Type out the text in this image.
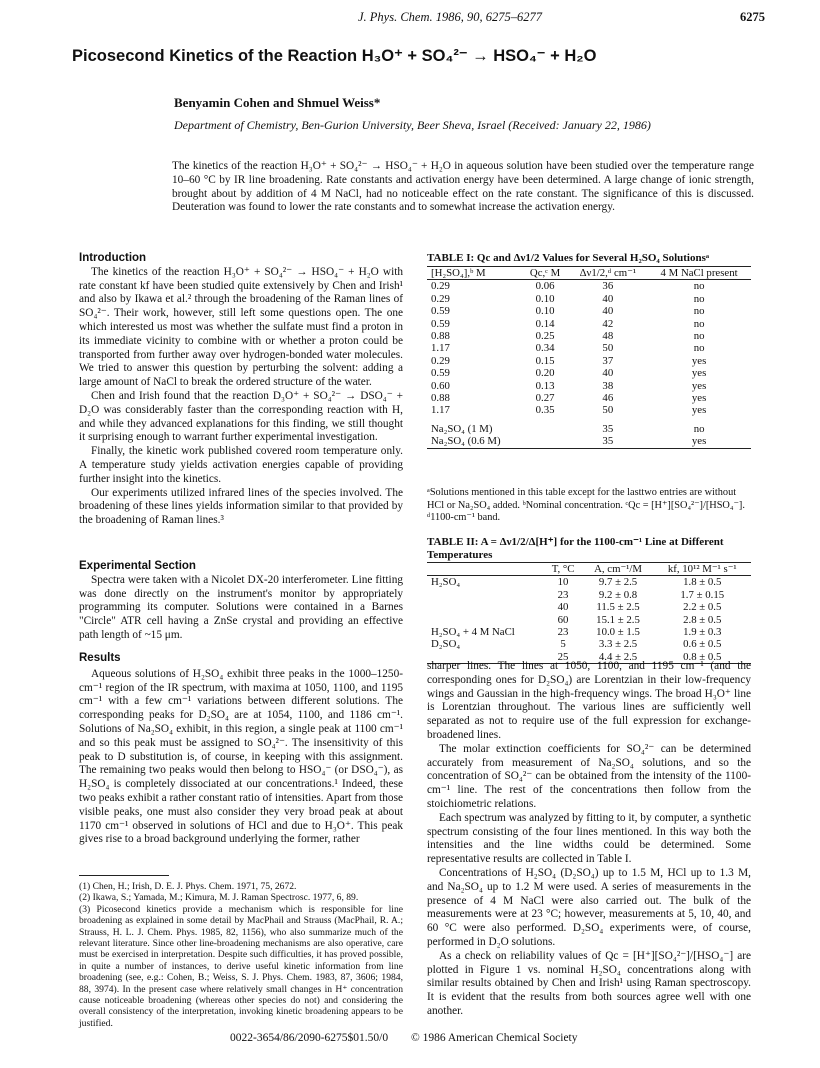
J. Phys. Chem. 1986, 90, 6275–6277	6275
Picosecond Kinetics of the Reaction H₃O⁺ + SO₄²⁻ → HSO₄⁻ + H₂O
Benyamin Cohen and Shmuel Weiss*
Department of Chemistry, Ben-Gurion University, Beer Sheva, Israel (Received: January 22, 1986)
The kinetics of the reaction H₃O⁺ + SO₄²⁻ → HSO₄⁻ + H₂O in aqueous solution have been studied over the temperature range 10–60 °C by IR line broadening. Rate constants and activation energy have been determined. A large change of ionic strength, brought about by addition of 4 M NaCl, had no noticeable effect on the rate constant. The significance of this is discussed. Deuteration was found to lower the rate constants and to somewhat increase the activation energy.
Introduction

The kinetics of the reaction H₃O⁺ + SO₄²⁻ → HSO₄⁻ + H₂O with rate constant kf have been studied quite extensively by Chen and Irish¹ and also by Ikawa et al.² through the broadening of the Raman lines of SO₄²⁻. Their work, however, still left some questions open. The one which interested us most was whether the sulfate must find a proton in its immediate vicinity to combine with or whether a proton could be transported from further away over hydrogen-bonded water molecules. We tried to answer this question by perturbing the solvent: adding a large amount of NaCl to break the ordered structure of the water.

Chen and Irish found that the reaction D₃O⁺ + SO₄²⁻ → DSO₄⁻ + D₂O was considerably faster than the corresponding reaction with H, and while they advanced explanations for this finding, we still thought it surprising enough to warrant further experimental investigation.

Finally, the kinetic work published covered room temperature only. A temperature study yields activation energies capable of providing further insight into the kinetics.

Our experiments utilized infrared lines of the species involved. The broadening of these lines yields information similar to that provided by the broadening of Raman lines.³

Experimental Section

Spectra were taken with a Nicolet DX-20 interferometer. Line fitting was done directly on the instrument's monitor by appropriately programming its computer. Solutions were contained in a Barnes "Circle" ATR cell having a ZnSe crystal and providing an effective path length of ~15 μm.

Results

Aqueous solutions of H₂SO₄ exhibit three peaks in the 1000–1250-cm⁻¹ region of the IR spectrum, with maxima at 1050, 1100, and 1195 cm⁻¹ with a few cm⁻¹ variations between different solutions. The corresponding peaks for D₂SO₄ are at 1054, 1100, and 1186 cm⁻¹. Solutions of Na₂SO₄ exhibit, in this region, a single peak at 1100 cm⁻¹ and so this peak must be assigned to SO₄²⁻. The insensitivity of this peak to D substitution is, of course, in keeping with this assignment. The remaining two peaks would then belong to HSO₄⁻ (or DSO₄⁻), as H₂SO₄ is completely dissociated at our concentrations.¹ Indeed, these two peaks exhibit a rather constant ratio of intensities. Apart from those visible peaks, one must also consider they very broad peak at about 1170 cm⁻¹ observed in solutions of HCl and due to H₃O⁺. This peak gives rise to a broad background underlying the former, rather

TABLE I: Qc and Δν1/2 Values for Several H₂SO₄ Solutionsᵃ
[H₂SO₄],ᵇ M	Qc,ᶜ M	Δν1/2,ᵈ cm⁻¹	4 M NaCl present
0.29	0.06	36	no
0.29	0.10	40	no
0.59	0.10	40	no
0.59	0.14	42	no
0.88	0.25	48	no
1.17	0.34	50	no
0.29	0.15	37	yes
0.59	0.20	40	yes
0.60	0.13	38	yes
0.88	0.27	46	yes
1.17	0.35	50	yes

Na₂SO₄ (1 M)		35	no
Na₂SO₄ (0.6 M)		35	yes
ᵃSolutions mentioned in this table except for the lasttwo entries are without HCl or Na₂SO₄ added. ᵇNominal concentration. ᶜQc = [H⁺][SO₄²⁻]/[HSO₄⁻]. ᵈ1100-cm⁻¹ band.
TABLE II: A = Δν1/2/Δ[H⁺] for the 1100-cm⁻¹ Line at Different Temperatures
	T, °C	A, cm⁻¹/M	kf, 10¹² M⁻¹ s⁻¹
H₂SO₄	10	9.7 ± 2.5	1.8 ± 0.5
	23	9.2 ± 0.8	1.7 ± 0.15
	40	11.5 ± 2.5	2.2 ± 0.5
	60	15.1 ± 2.5	2.8 ± 0.5
H₂SO₄ + 4 M NaCl	23	10.0 ± 1.5	1.9 ± 0.3
D₂SO₄	5	3.3 ± 2.5	0.6 ± 0.5
	25	4.4 ± 2.5	0.8 ± 0.5

sharper lines. The lines at 1050, 1100, and 1195 cm⁻¹ (and the corresponding ones for D₂SO₄) are Lorentzian in their low-frequency wings and Gaussian in the high-frequency wings. The broad H₃O⁺ line is Lorentzian throughout. The various lines are sufficiently well separated as not to require use of the full expression for exchange-broadened lines.

The molar extinction coefficients for SO₄²⁻ can be determined accurately from measurement of Na₂SO₄ solutions, and so the concentration of SO₄²⁻ can be obtained from the intensity of the 1100-cm⁻¹ line. The rest of the concentrations then follow from the stoichiometric relations.

Each spectrum was analyzed by fitting to it, by computer, a synthetic spectrum consisting of the four lines mentioned. In this way both the intensities and the line widths could be determined. Some representative results are collected in Table I.

Concentrations of H₂SO₄ (D₂SO₄) up to 1.5 M, HCl up to 1.3 M, and Na₂SO₄ up to 1.2 M were used. A series of measurements in the presence of 4 M NaCl were also carried out. The bulk of the measurements were at 23 °C; however, measurements at 5, 10, 40, and 60 °C were also performed. D₂SO₄ experiments were, of course, performed in D₂O solutions.

As a check on reliability values of Qc = [H⁺][SO₄²⁻]/[HSO₄⁻] are plotted in Figure 1 vs. nominal H₂SO₄ concentrations along with similar results obtained by Chen and Irish¹ using Raman spectroscopy. It is evident that the results from both sources agree well with one another.

(1) Chen, H.; Irish, D. E. J. Phys. Chem. 1971, 75, 2672.
(2) Ikawa, S.; Yamada, M.; Kimura, M. J. Raman Spectrosc. 1977, 6, 89.
(3) Picosecond kinetics provide a mechanism which is responsible for line broadening as explained in some detail by MacPhail and Strauss (MacPhail, R. A.; Strauss, H. L. J. Chem. Phys. 1985, 82, 1156), who also summarize much of the relevant literature. Since other line-broadening mechanisms are also operative, care must be exercised in interpretation. Despite such difficulties, it has proved possible, in quite a number of instances, to derive useful kinetic information from line broadening (see, e.g.: Cohen, B.; Weiss, S. J. Phys. Chem. 1983, 87, 3606; 1984, 88, 3974). In the present case where relatively small changes in H⁺ concentration cause noticeable broadening (whereas other species do not) and considering the overall consistency of the interpretation, invoking kinetic broadening appears to be justified.
0022-3654/86/2090-6275$01.50/0 © 1986 American Chemical Society
